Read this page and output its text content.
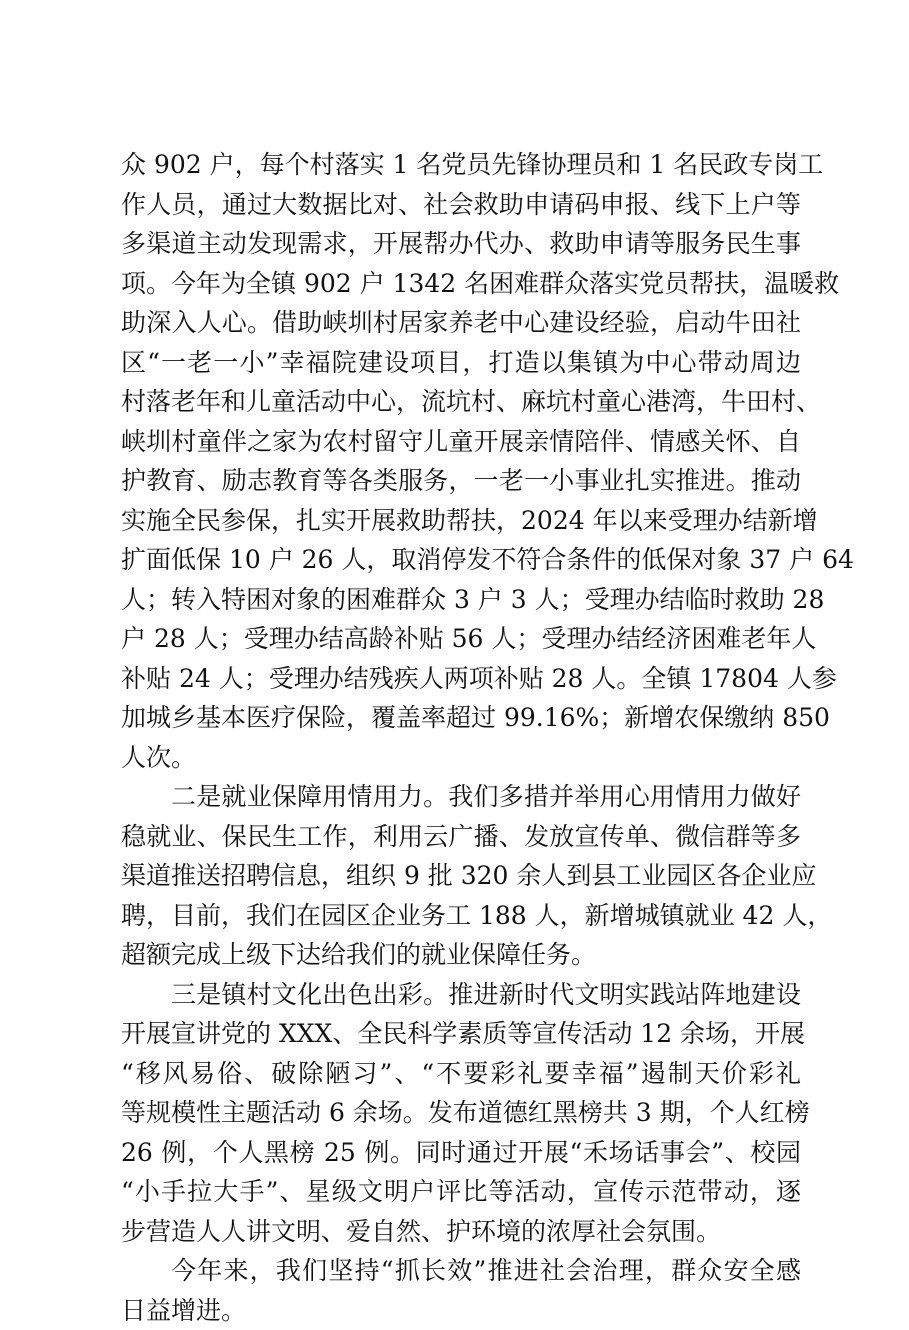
众 902 户，每个村落实 1 名党员先锋协理员和 1 名民政专岗工
作人员，通过大数据比对、社会救助申请码申报、线下上户等
多渠道主动发现需求，开展帮办代办、救助申请等服务民生事
项。今年为全镇 902 户 1342 名困难群众落实党员帮扶，温暖救
助深入人心。借助峡圳村居家养老中心建设经验，启动牛田社
区“一老一小”幸福院建设项目，打造以集镇为中心带动周边
村落老年和儿童活动中心，流坑村、麻坑村童心港湾，牛田村、
峡圳村童伴之家为农村留守儿童开展亲情陪伴、情感关怀、自
护教育、励志教育等各类服务，一老一小事业扎实推进。推动
实施全民参保，扎实开展救助帮扶，2024 年以来受理办结新增
扩面低保 10 户 26 人，取消停发不符合条件的低保对象 37 户 64
人；转入特困对象的困难群众 3 户 3 人；受理办结临时救助 28
户 28 人；受理办结高龄补贴 56 人；受理办结经济困难老年人
补贴 24 人；受理办结残疾人两项补贴 28 人。全镇 17804 人参
加城乡基本医疗保险，覆盖率超过 99.16%；新增农保缴纳 850
人次。

二是就业保障用情用力。我们多措并举用心用情用力做好
稳就业、保民生工作，利用云广播、发放宣传单、微信群等多
渠道推送招聘信息，组织 9 批 320 余人到县工业园区各企业应
聘，目前，我们在园区企业务工 188 人，新增城镇就业 42 人，
超额完成上级下达给我们的就业保障任务。

三是镇村文化出色出彩。推进新时代文明实践站阵地建设
开展宣讲党的 XXX、全民科学素质等宣传活动 12 余场，开展
“移风易俗、破除陋习”、“不要彩礼要幸福”遏制天价彩礼
等规模性主题活动 6 余场。发布道德红黑榜共 3 期，个人红榜
26 例，个人黑榜 25 例。同时通过开展“禾场话事会”、校园
“小手拉大手”、星级文明户评比等活动，宣传示范带动，逐
步营造人人讲文明、爱自然、护环境的浓厚社会氛围。

今年来，我们坚持“抓长效”推进社会治理，群众安全感
日益增进。
